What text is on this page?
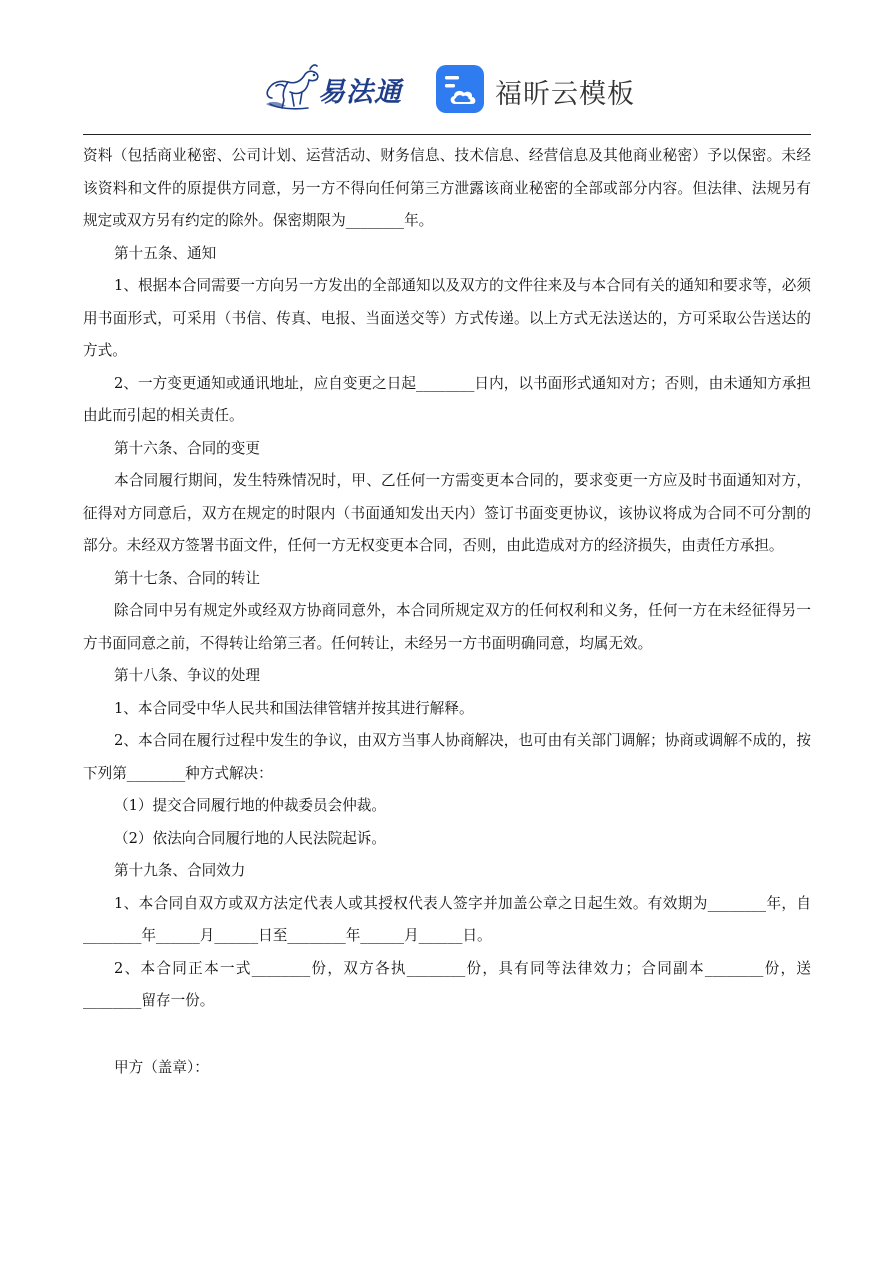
易法通	福昕云模板

资料（包括商业秘密、公司计划、运营活动、财务信息、技术信息、经营信息及其他商业秘密）予以保密。未经该资料和文件的原提供方同意，另一方不得向任何第三方泄露该商业秘密的全部或部分内容。但法律、法规另有规定或双方另有约定的除外。保密期限为________年。

第十五条、通知

1、根据本合同需要一方向另一方发出的全部通知以及双方的文件往来及与本合同有关的通知和要求等，必须用书面形式，可采用（书信、传真、电报、当面送交等）方式传递。以上方式无法送达的，方可采取公告送达的方式。

2、一方变更通知或通讯地址，应自变更之日起________日内，以书面形式通知对方；否则，由未通知方承担由此而引起的相关责任。

第十六条、合同的变更

本合同履行期间，发生特殊情况时，甲、乙任何一方需变更本合同的，要求变更一方应及时书面通知对方，征得对方同意后，双方在规定的时限内（书面通知发出天内）签订书面变更协议，该协议将成为合同不可分割的部分。未经双方签署书面文件，任何一方无权变更本合同，否则，由此造成对方的经济损失，由责任方承担。

第十七条、合同的转让

除合同中另有规定外或经双方协商同意外，本合同所规定双方的任何权利和义务，任何一方在未经征得另一方书面同意之前，不得转让给第三者。任何转让，未经另一方书面明确同意，均属无效。

第十八条、争议的处理

1、本合同受中华人民共和国法律管辖并按其进行解释。

2、本合同在履行过程中发生的争议，由双方当事人协商解决，也可由有关部门调解；协商或调解不成的，按下列第________种方式解决：

（1）提交合同履行地的仲裁委员会仲裁。

（2）依法向合同履行地的人民法院起诉。

第十九条、合同效力

1、本合同自双方或双方法定代表人或其授权代表人签字并加盖公章之日起生效。有效期为________年，自________年______月______日至________年______月______日。

2、本合同正本一式________份，双方各执________份，具有同等法律效力；合同副本________份，送________留存一份。

甲方（盖章）：
